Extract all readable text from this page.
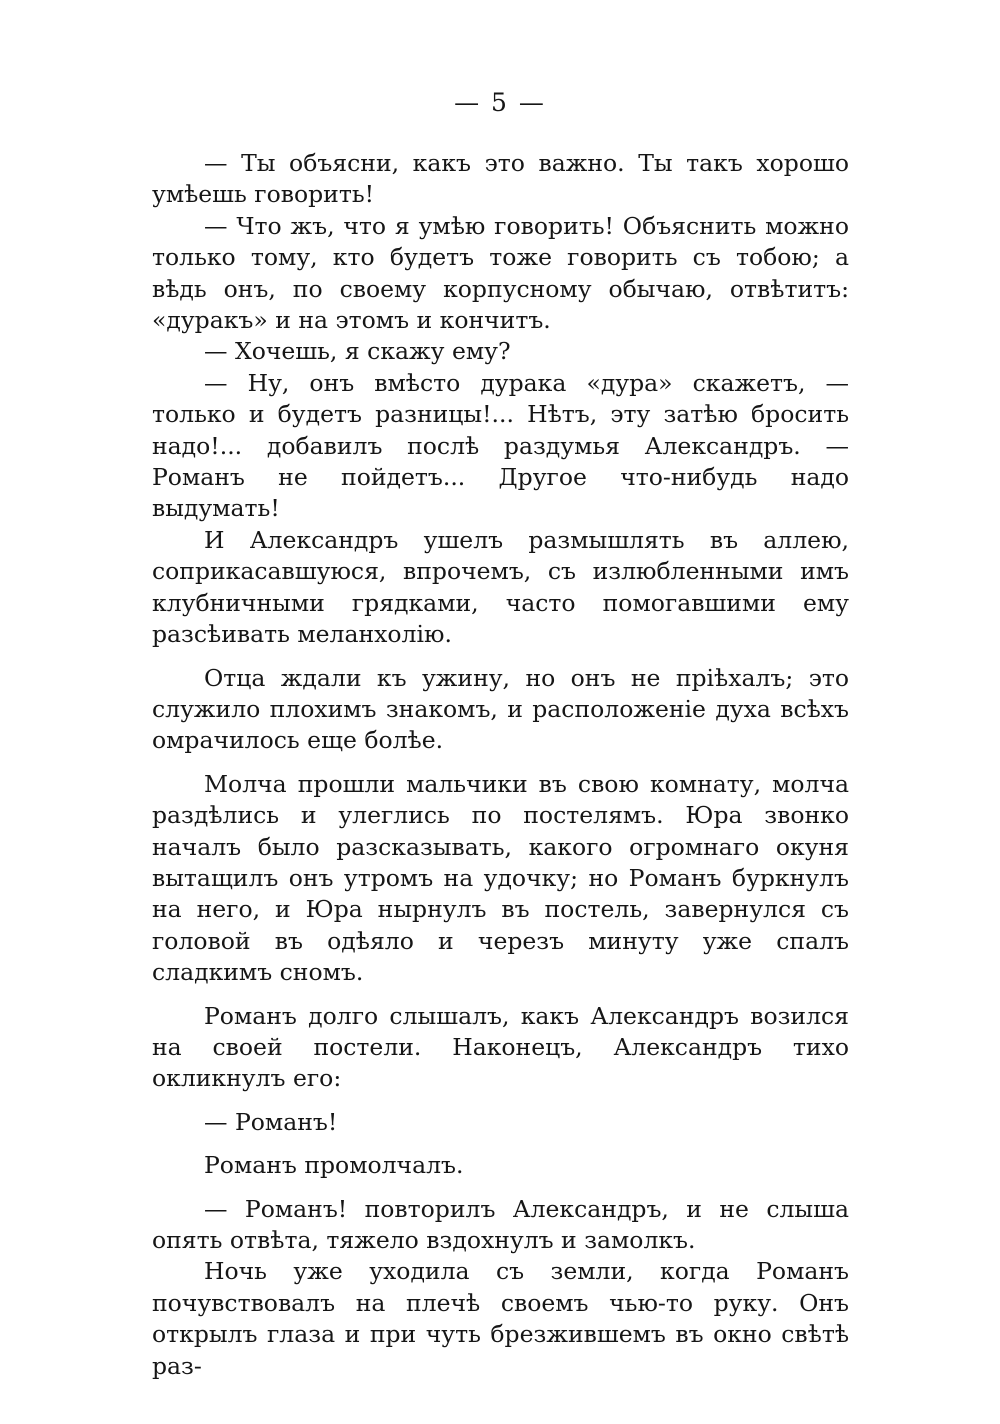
— 5 —

— Ты объясни, какъ это важно. Ты такъ хорошо умѣешь говорить!

— Что жъ, что я умѣю говорить! Объяснить можно только тому, кто будетъ тоже говорить съ тобою; а вѣдь онъ, по своему корпусному обычаю, отвѣтитъ: «дуракъ» и на этомъ и кончитъ.

— Хочешь, я скажу ему?

— Ну, онъ вмѣсто дурака «дура» скажетъ, — только и будетъ разницы!... Нѣтъ, эту затѣю бросить надо!... добавилъ послѣ раздумья Александръ. — Романъ не пойдетъ... Другое что-нибудь надо выдумать!

И Александръ ушелъ размышлять въ аллею, соприкасавшуюся, впрочемъ, съ излюбленными имъ клубничными грядками, часто помогавшими ему разсѣивать меланхолію.

Отца ждали къ ужину, но онъ не пріѣхалъ; это служило плохимъ знакомъ, и расположеніе духа всѣхъ омрачилось еще болѣе.

Молча прошли мальчики въ свою комнату, молча раздѣлись и улеглись по постелямъ. Юра звонко началъ было разсказывать, какого огромнаго окуня вытащилъ онъ утромъ на удочку; но Романъ буркнулъ на него, и Юра нырнулъ въ постель, завернулся съ головой въ одѣяло и черезъ минуту уже спалъ сладкимъ сномъ.

Романъ долго слышалъ, какъ Александръ возился на своей постели. Наконецъ, Александръ тихо окликнулъ его:

— Романъ!

Романъ промолчалъ.

— Романъ! повторилъ Александръ, и не слыша опять отвѣта, тяжело вздохнулъ и замолкъ.

Ночь уже уходила съ земли, когда Романъ почувствовалъ на плечѣ своемъ чью-то руку. Онъ открылъ глаза и при чуть брезжившемъ въ окно свѣтѣ раз-
